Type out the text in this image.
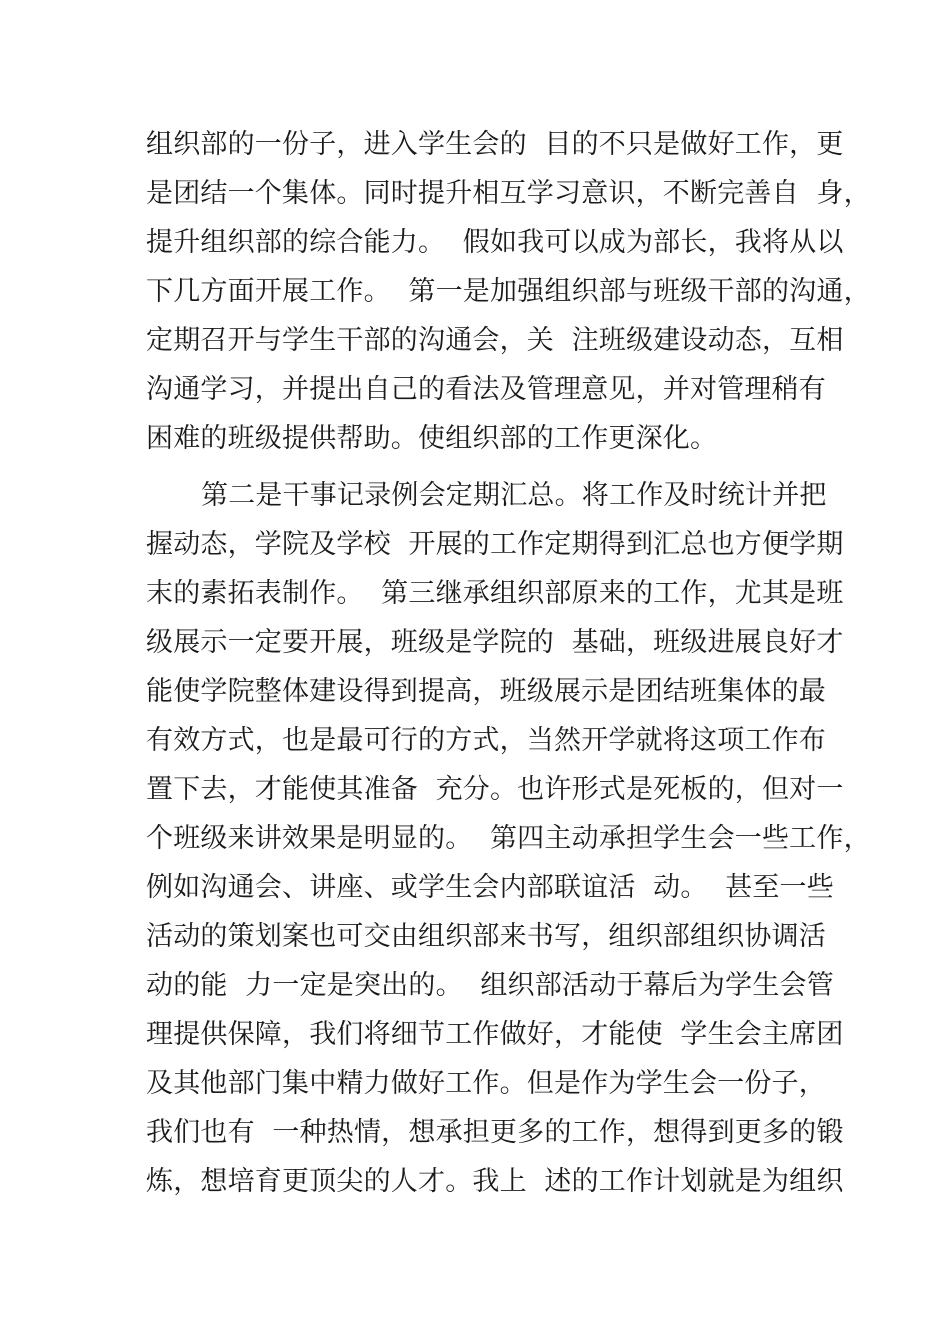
组织部的一份子，进入学生会的  目的不只是做好工作，更
是团结一个集体。同时提升相互学习意识，不断完善自  身，
提升组织部的综合能力。  假如我可以成为部长，我将从以
下几方面开展工作。  第一是加强组织部与班级干部的沟通，
定期召开与学生干部的沟通会，关  注班级建设动态，互相
沟通学习，并提出自己的看法及管理意见，并对管理稍有
困难的班级提供帮助。使组织部的工作更深化。
第二是干事记录例会定期汇总。将工作及时统计并把
握动态，学院及学校  开展的工作定期得到汇总也方便学期
末的素拓表制作。  第三继承组织部原来的工作，尤其是班
级展示一定要开展，班级是学院的  基础，班级进展良好才
能使学院整体建设得到提高，班级展示是团结班集体的最
有效方式，也是最可行的方式，当然开学就将这项工作布
置下去，才能使其准备  充分。也许形式是死板的，但对一
个班级来讲效果是明显的。  第四主动承担学生会一些工作，
例如沟通会、讲座、或学生会内部联谊活  动。  甚至一些
活动的策划案也可交由组织部来书写，组织部组织协调活
动的能  力一定是突出的。  组织部活动于幕后为学生会管
理提供保障，我们将细节工作做好，才能使  学生会主席团
及其他部门集中精力做好工作。但是作为学生会一份子，
我们也有  一种热情，想承担更多的工作，想得到更多的锻
炼，想培育更顶尖的人才。我上  述的工作计划就是为组织
